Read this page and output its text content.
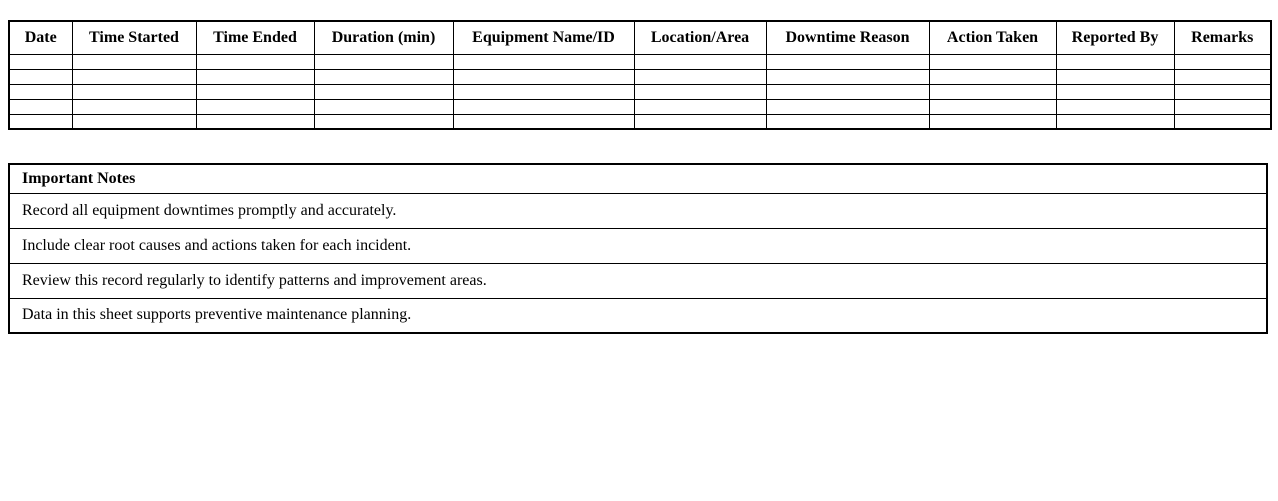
Date	Time Started	Time Ended	Duration (min)	Equipment Name/ID	Location/Area	Downtime Reason	Action Taken	Reported By	Remarks

Important Notes
Record all equipment downtimes promptly and accurately.
Include clear root causes and actions taken for each incident.
Review this record regularly to identify patterns and improvement areas.
Data in this sheet supports preventive maintenance planning.
